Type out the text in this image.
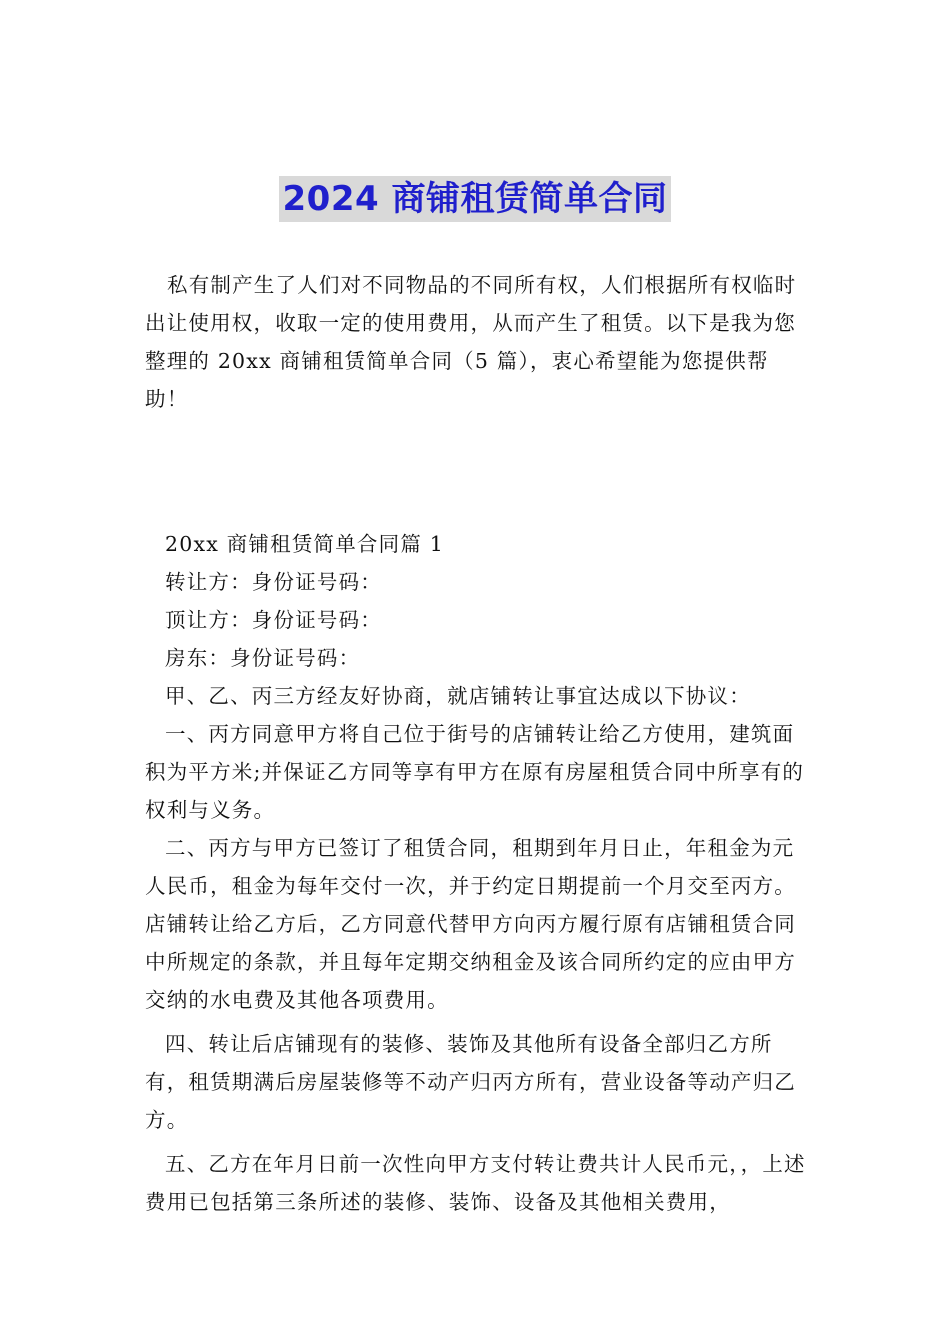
2024 商铺租赁简单合同

私有制产生了人们对不同物品的不同所有权，人们根据所有权临时出让使用权，收取一定的使用费用，从而产生了租赁。以下是我为您整理的 20xx 商铺租赁简单合同（5 篇），衷心希望能为您提供帮助！

20xx 商铺租赁简单合同篇 1

转让方：身份证号码：

顶让方：身份证号码：

房东：身份证号码：

甲、乙、丙三方经友好协商，就店铺转让事宜达成以下协议：

一、丙方同意甲方将自己位于街号的店铺转让给乙方使用，建筑面积为平方米;并保证乙方同等享有甲方在原有房屋租赁合同中所享有的权利与义务。

二、丙方与甲方已签订了租赁合同，租期到年月日止，年租金为元人民币，租金为每年交付一次，并于约定日期提前一个月交至丙方。店铺转让给乙方后，乙方同意代替甲方向丙方履行原有店铺租赁合同中所规定的条款，并且每年定期交纳租金及该合同所约定的应由甲方交纳的水电费及其他各项费用。

四、转让后店铺现有的装修、装饰及其他所有设备全部归乙方所有，租赁期满后房屋装修等不动产归丙方所有，营业设备等动产归乙方。

五、乙方在年月日前一次性向甲方支付转让费共计人民币元，，上述费用已包括第三条所述的装修、装饰、设备及其他相关费用，
